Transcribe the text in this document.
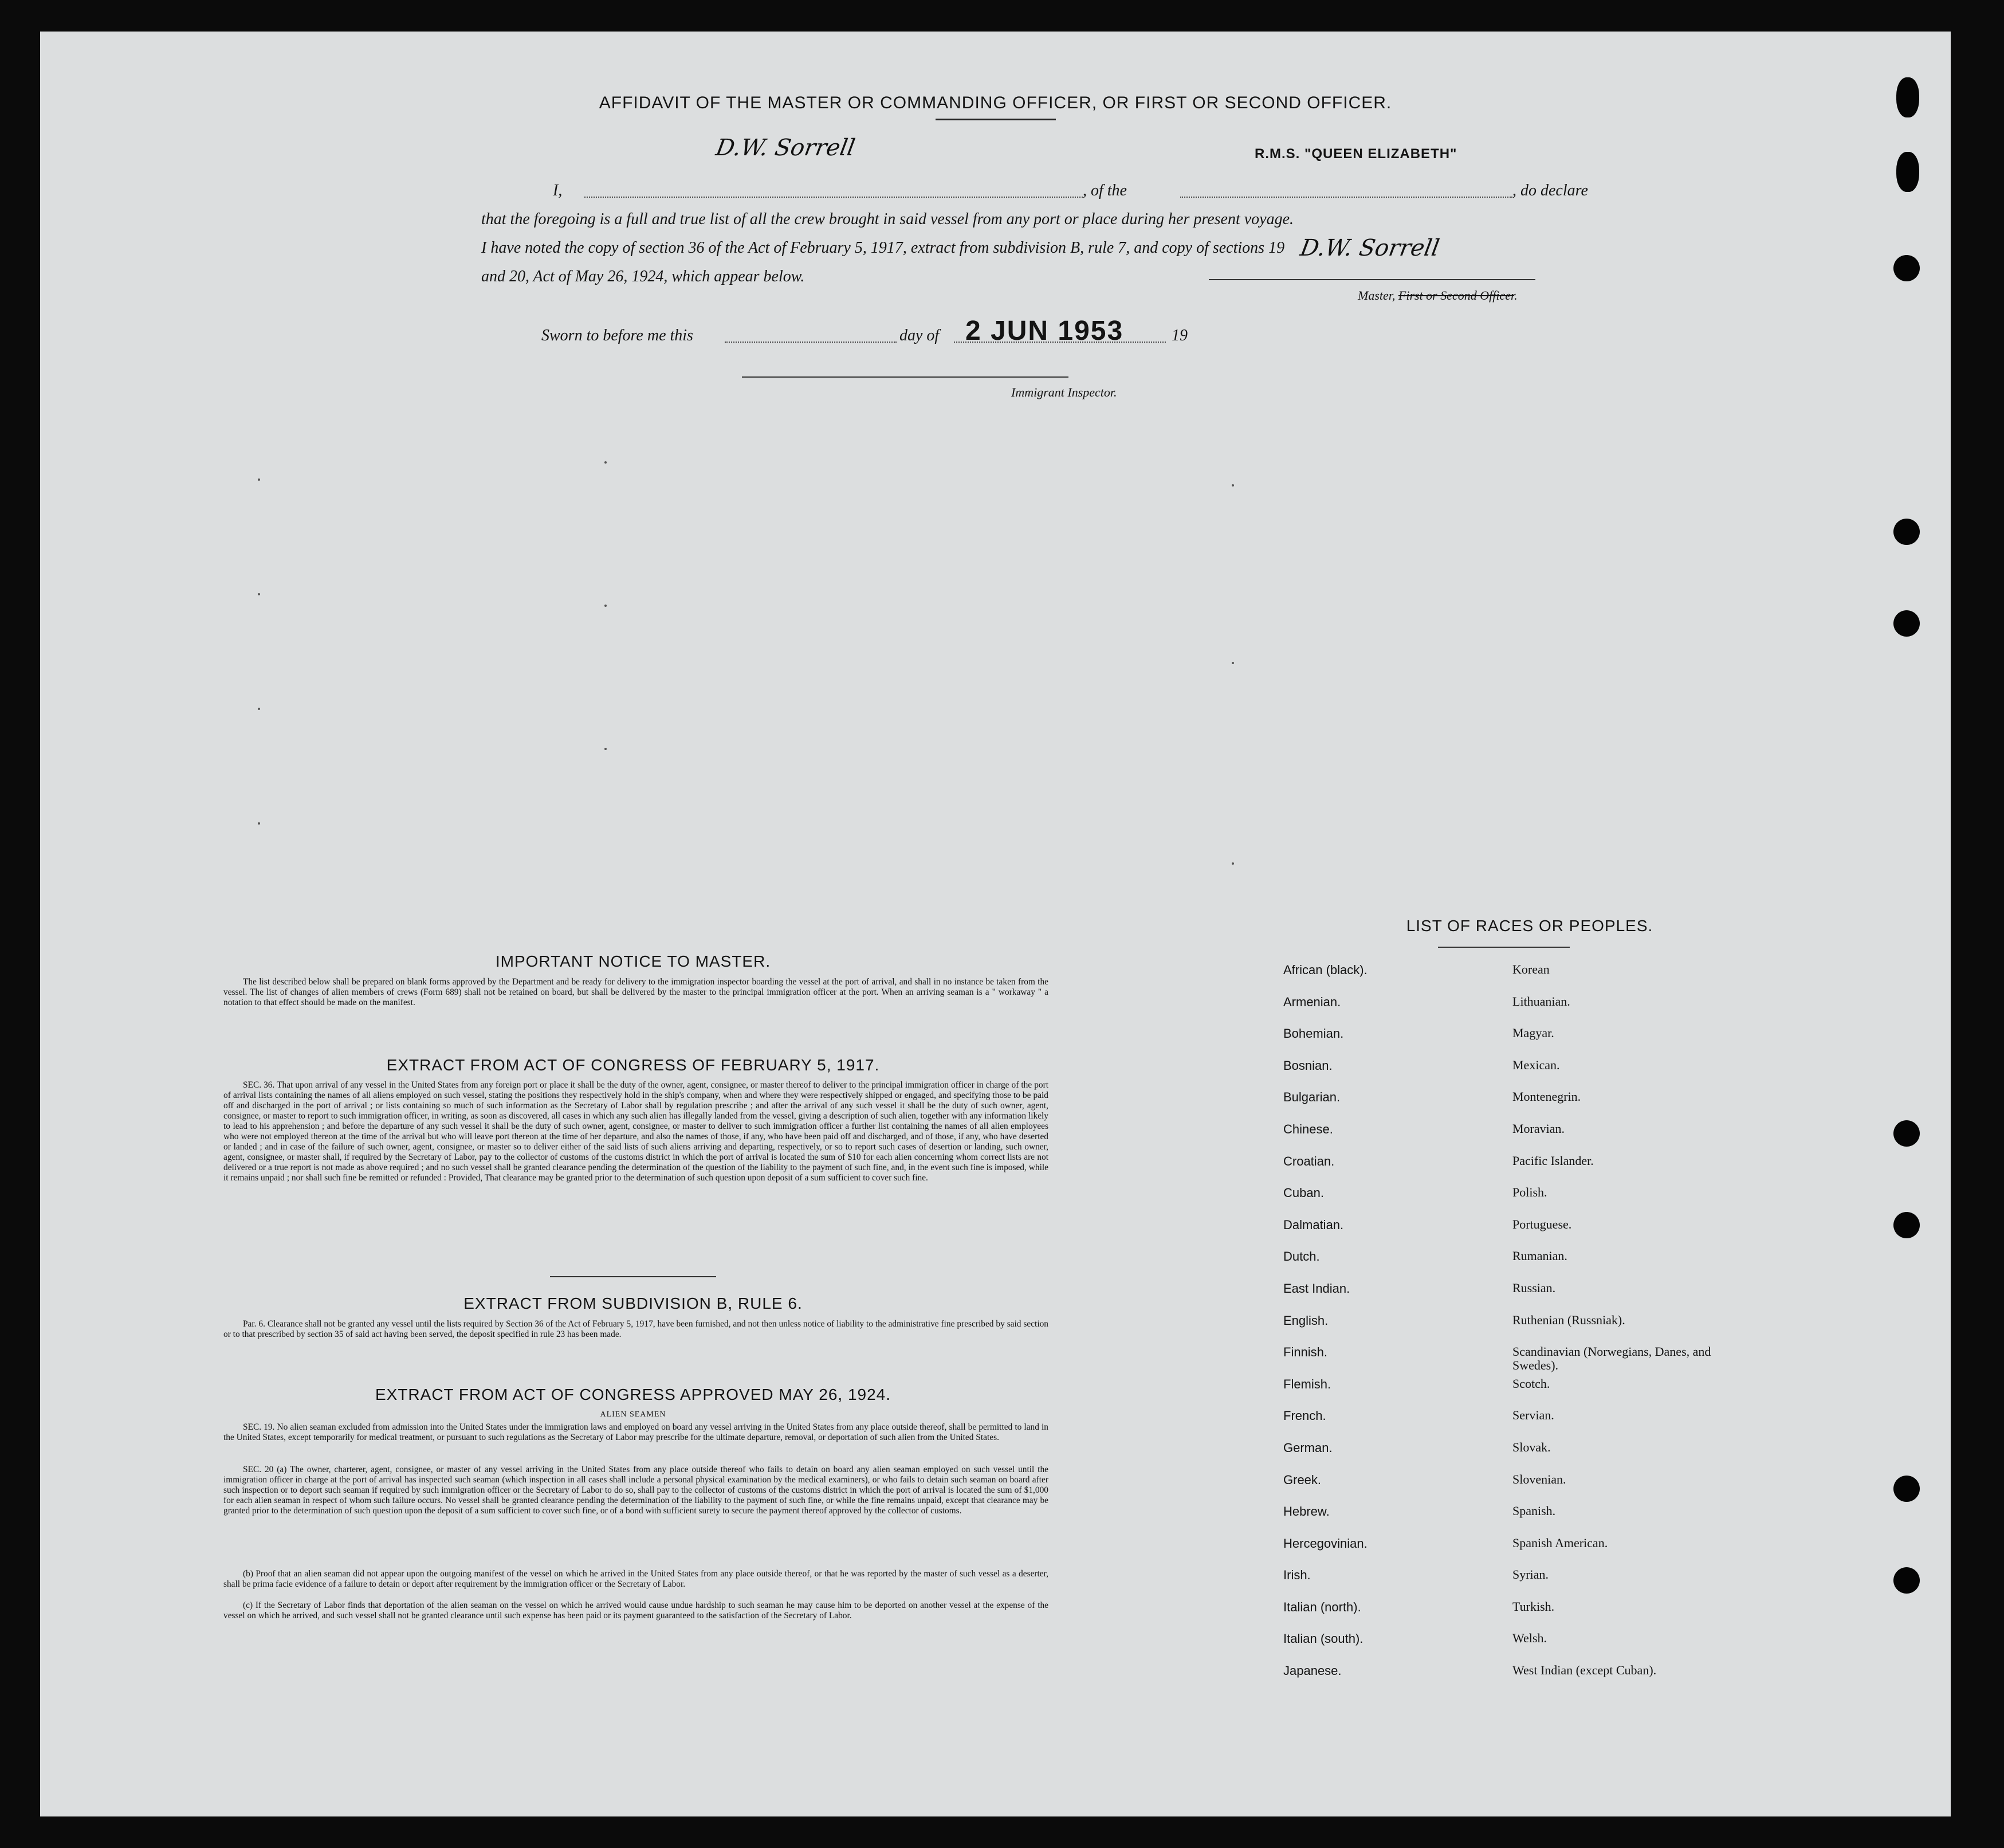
AFFIDAVIT OF THE MASTER OR COMMANDING OFFICER, OR FIRST OR SECOND OFFICER.
I,
D.W. Sorrell
, of the
R.M.S. "QUEEN ELIZABETH"
, do declare
that the foregoing is a full and true list of all the crew brought in said vessel from any port or place during her present voyage.
I have noted the copy of section 36 of the Act of February 5, 1917, extract from subdivision B, rule 7, and copy of sections 19
and 20, Act of May 26, 1924, which appear below.
D.W. Sorrell
Master, First or Second Officer.
Sworn to before me this	day of 2 JUN 1953	19
Immigrant Inspector.
IMPORTANT NOTICE TO MASTER.

The list described below shall be prepared on blank forms approved by the Department and be ready for delivery to the immigration inspector boarding the vessel at the port of arrival, and shall in no instance be taken from the vessel. The list of changes of alien members of crews (Form 689) shall not be retained on board, but shall be delivered by the master to the principal immigration officer at the port. When an arriving seaman is a " workaway " a notation to that effect should be made on the manifest.

EXTRACT FROM ACT OF CONGRESS OF FEBRUARY 5, 1917.

SEC. 36. That upon arrival of any vessel in the United States from any foreign port or place it shall be the duty of the owner, agent, consignee, or master thereof to deliver to the principal immigration officer in charge of the port of arrival lists containing the names of all aliens employed on such vessel, stating the positions they respectively hold in the ship's company, when and where they were respectively shipped or engaged, and specifying those to be paid off and discharged in the port of arrival ; or lists containing so much of such information as the Secretary of Labor shall by regulation prescribe ; and after the arrival of any such vessel it shall be the duty of such owner, agent, consignee, or master to report to such immigration officer, in writing, as soon as discovered, all cases in which any such alien has illegally landed from the vessel, giving a description of such alien, together with any information likely to lead to his apprehension ; and before the departure of any such vessel it shall be the duty of such owner, agent, consignee, or master to deliver to such immigration officer a further list containing the names of all alien employees who were not employed thereon at the time of the arrival but who will leave port thereon at the time of her departure, and also the names of those, if any, who have been paid off and discharged, and of those, if any, who have deserted or landed ; and in case of the failure of such owner, agent, consignee, or master so to deliver either of the said lists of such aliens arriving and departing, respectively, or so to report such cases of desertion or landing, such owner, agent, consignee, or master shall, if required by the Secretary of Labor, pay to the collector of customs of the customs district in which the port of arrival is located the sum of $10 for each alien concerning whom correct lists are not delivered or a true report is not made as above required ; and no such vessel shall be granted clearance pending the determination of the question of the liability to the payment of such fine, and, in the event such fine is imposed, while it remains unpaid ; nor shall such fine be remitted or refunded : Provided, That clearance may be granted prior to the determination of such question upon deposit of a sum sufficient to cover such fine.

EXTRACT FROM SUBDIVISION B, RULE 6.

Par. 6. Clearance shall not be granted any vessel until the lists required by Section 36 of the Act of February 5, 1917, have been furnished, and not then unless notice of liability to the administrative fine prescribed by said section or to that prescribed by section 35 of said act having been served, the deposit specified in rule 23 has been made.

EXTRACT FROM ACT OF CONGRESS APPROVED MAY 26, 1924.
ALIEN SEAMEN

SEC. 19. No alien seaman excluded from admission into the United States under the immigration laws and employed on board any vessel arriving in the United States from any place outside thereof, shall be permitted to land in the United States, except temporarily for medical treatment, or pursuant to such regulations as the Secretary of Labor may prescribe for the ultimate departure, removal, or deportation of such alien from the United States.

SEC. 20 (a) The owner, charterer, agent, consignee, or master of any vessel arriving in the United States from any place outside thereof who fails to detain on board any alien seaman employed on such vessel until the immigration officer in charge at the port of arrival has inspected such seaman (which inspection in all cases shall include a personal physical examination by the medical examiners), or who fails to detain such seaman on board after such inspection or to deport such seaman if required by such immigration officer or the Secretary of Labor to do so, shall pay to the collector of customs of the customs district in which the port of arrival is located the sum of $1,000 for each alien seaman in respect of whom such failure occurs. No vessel shall be granted clearance pending the determination of the liability to the payment of such fine, or while the fine remains unpaid, except that clearance may be granted prior to the determination of such question upon the deposit of a sum sufficient to cover such fine, or of a bond with sufficient surety to secure the payment thereof approved by the collector of customs.

(b) Proof that an alien seaman did not appear upon the outgoing manifest of the vessel on which he arrived in the United States from any place outside thereof, or that he was reported by the master of such vessel as a deserter, shall be prima facie evidence of a failure to detain or deport after requirement by the immigration officer or the Secretary of Labor.

(c) If the Secretary of Labor finds that deportation of the alien seaman on the vessel on which he arrived would cause undue hardship to such seaman he may cause him to be deported on another vessel at the expense of the vessel on which he arrived, and such vessel shall not be granted clearance until such expense has been paid or its payment guaranteed to the satisfaction of the Secretary of Labor.

LIST OF RACES OR PEOPLES.
African (black).	Korean
Armenian.	Lithuanian.
Bohemian.	Magyar.
Bosnian.	Mexican.
Bulgarian.	Montenegrin.
Chinese.	Moravian.
Croatian.	Pacific Islander.
Cuban.	Polish.
Dalmatian.	Portuguese.
Dutch.	Rumanian.
East Indian.	Russian.
English.	Ruthenian (Russniak).
Finnish.	Scandinavian (Norwegians, Danes, and Swedes).
Flemish.	Scotch.
French.	Servian.
German.	Slovak.
Greek.	Slovenian.
Hebrew.	Spanish.
Hercegovinian.	Spanish American.
Irish.	Syrian.
Italian (north).	Turkish.
Italian (south).	Welsh.
Japanese.	West Indian (except Cuban).
